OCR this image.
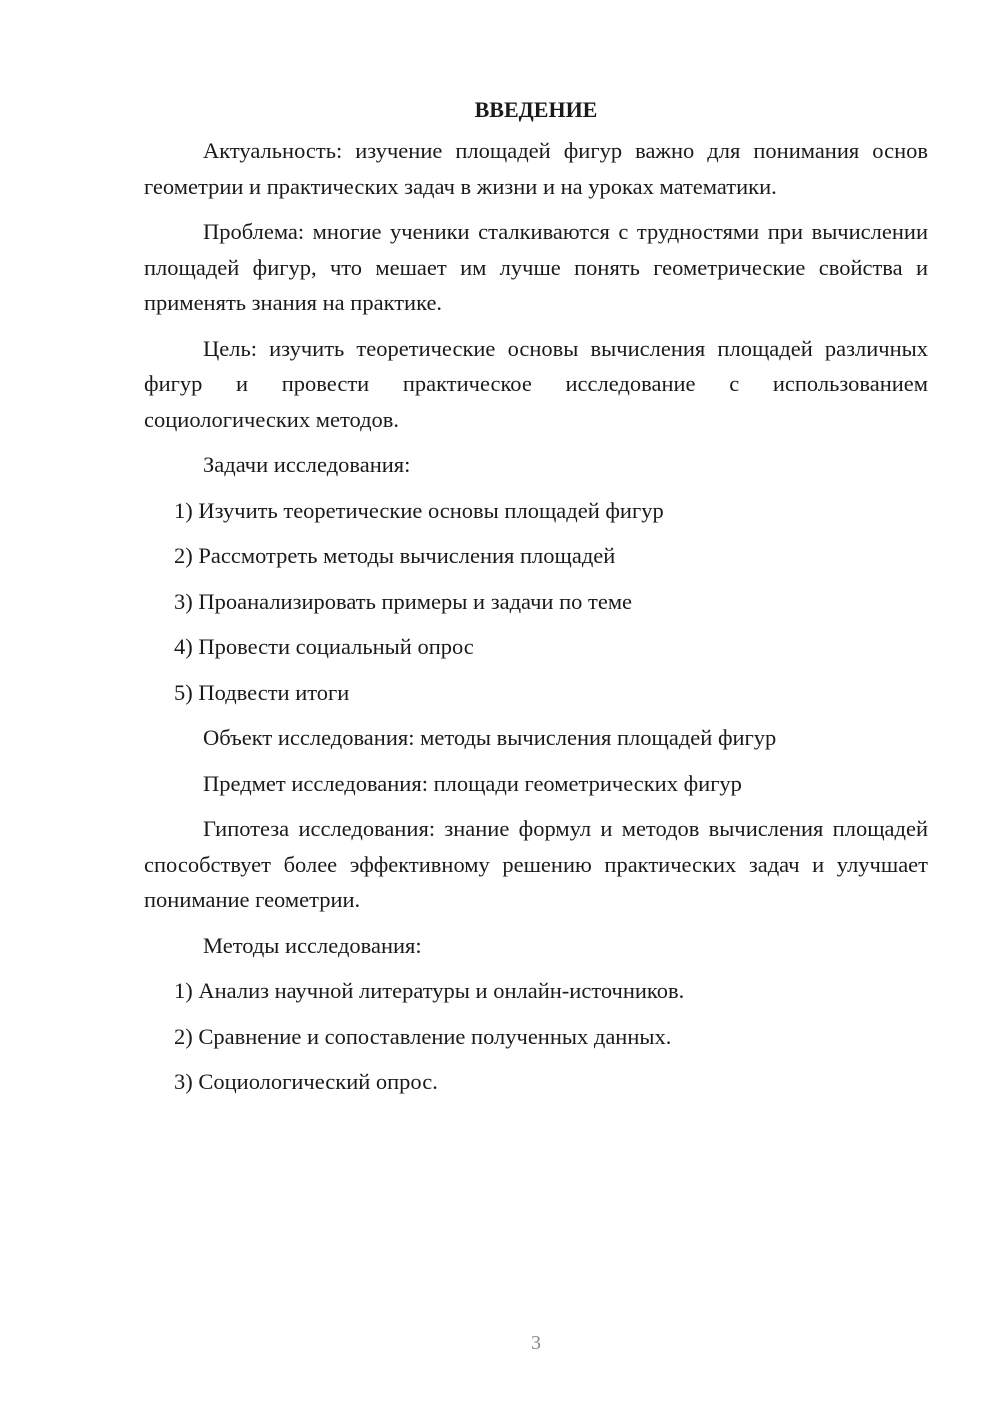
ВВЕДЕНИЕ

Актуальность: изучение площадей фигур важно для понимания основ геометрии и практических задач в жизни и на уроках математики.

Проблема: многие ученики сталкиваются с трудностями при вычислении площадей фигур, что мешает им лучше понять геометрические свойства и применять знания на практике.

Цель: изучить теоретические основы вычисления площадей различных фигур и провести практическое исследование с использованием социологических методов.

Задачи исследования:

1) Изучить теоретические основы площадей фигур

2) Рассмотреть методы вычисления площадей

3) Проанализировать примеры и задачи по теме

4) Провести социальный опрос

5) Подвести итоги

Объект исследования: методы вычисления площадей фигур

Предмет исследования: площади геометрических фигур

Гипотеза исследования: знание формул и методов вычисления площадей способствует более эффективному решению практических задач и улучшает понимание геометрии.

Методы исследования:

1) Анализ научной литературы и онлайн-источников.

2) Сравнение и сопоставление полученных данных.

3) Социологический опрос.

3
